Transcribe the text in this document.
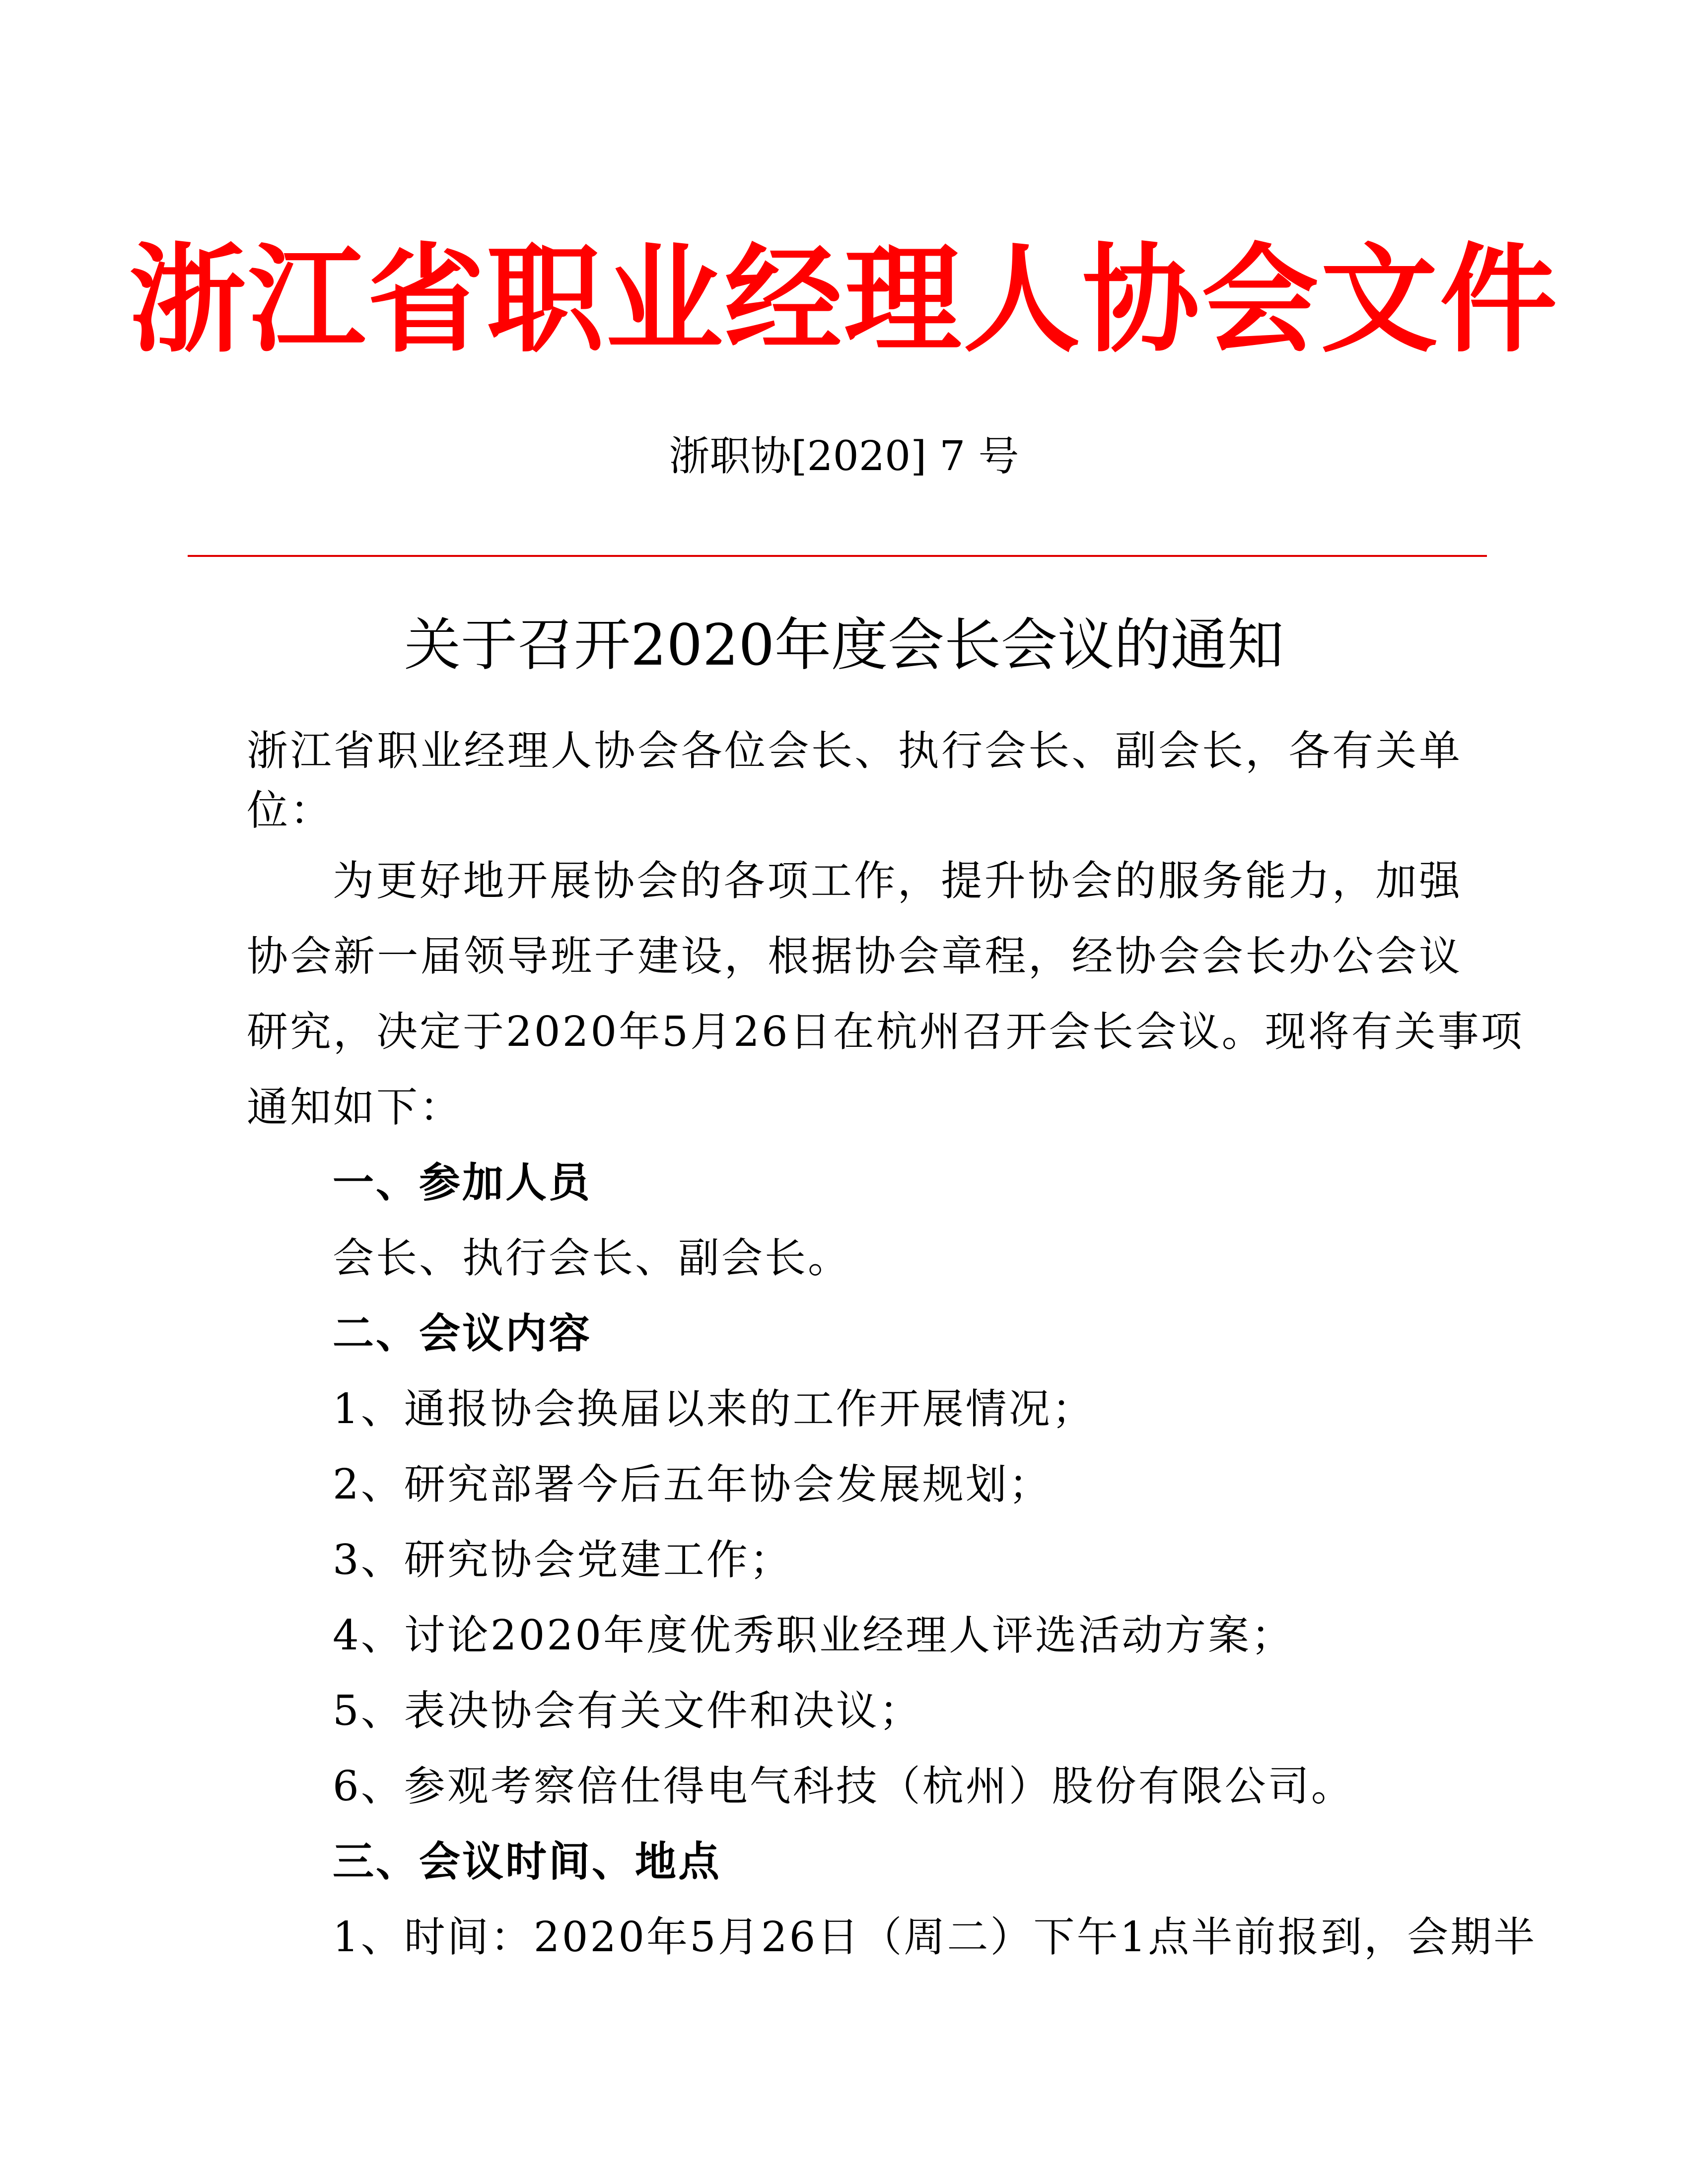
浙江省职业经理人协会文件
浙职协[2020] 7 号
关于召开2020年度会长会议的通知
浙江省职业经理人协会各位会长、执行会长、副会长，各有关单
位：
为更好地开展协会的各项工作，提升协会的服务能力，加强
协会新一届领导班子建设，根据协会章程，经协会会长办公会议
研究，决定于2020年5月26日在杭州召开会长会议。现将有关事项
通知如下：
一、参加人员
会长、执行会长、副会长。
二、会议内容
1、通报协会换届以来的工作开展情况；
2、研究部署今后五年协会发展规划；
3、研究协会党建工作；
4、讨论2020年度优秀职业经理人评选活动方案；
5、表决协会有关文件和决议；
6、参观考察倍仕得电气科技（杭州）股份有限公司。
三、会议时间、地点
1、时间：2020年5月26日（周二）下午1点半前报到，会期半
